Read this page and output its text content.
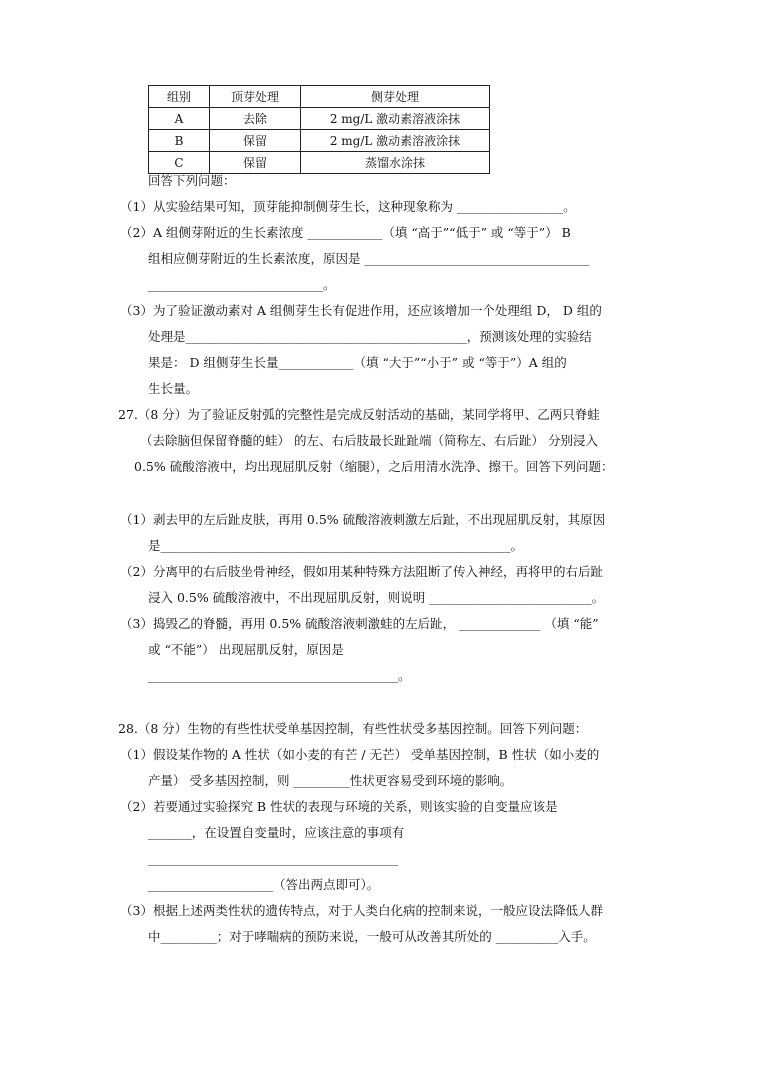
组别	顶芽处理	侧芽处理
A	去除	2 mg/L 激动素溶液涂抹
B	保留	2 mg/L 激动素溶液涂抹
C	保留	蒸馏水涂抹
回答下列问题：
（1）从实验结果可知，顶芽能抑制侧芽生长，这种现象称为 _________________。
（2）A 组侧芽附近的生长素浓度 ____________（填 “高于”“低于” 或 “等于”） B
组相应侧芽附近的生长素浓度，原因是 ____________________________________
____________________________。
（3）为了验证激动素对 A 组侧芽生长有促进作用，还应该增加一个处理组 D， D 组的
处理是_____________________________________________，预测该处理的实验结
果是： D 组侧芽生长量____________（填 “大于”“小于” 或 “等于”）A 组的
生长量。
27.（8 分）为了验证反射弧的完整性是完成反射活动的基础，某同学将甲、乙两只脊蛙
（去除脑但保留脊髓的蛙） 的左、右后肢最长趾趾端（简称左、右后趾） 分别浸入
0.5% 硫酸溶液中，均出现屈肌反射（缩腿），之后用清水洗净、擦干。回答下列问题：
（1）剥去甲的左后趾皮肤，再用 0.5% 硫酸溶液刺激左后趾，不出现屈肌反射，其原因
是________________________________________________________。
（2）分离甲的右后肢坐骨神经，假如用某种特殊方法阻断了传入神经，再将甲的右后趾
浸入 0.5% 硫酸溶液中，不出现屈肌反射，则说明 __________________________。
（3）捣毁乙的脊髓，再用 0.5% 硫酸溶液刺激蛙的左后趾， _____________ （填 “能”
或 “不能”） 出现屈肌反射，原因是
________________________________________。
28.（8 分）生物的有些性状受单基因控制，有些性状受多基因控制。回答下列问题：
（1）假设某作物的 A 性状（如小麦的有芒 / 无芒） 受单基因控制，B 性状（如小麦的
产量） 受多基因控制，则 _________性状更容易受到环境的影响。
（2）若要通过实验探究 B 性状的表现与环境的关系，则该实验的自变量应该是
_______，在设置自变量时，应该注意的事项有
________________________________________
____________________（答出两点即可）。
（3）根据上述两类性状的遗传特点，对于人类白化病的控制来说，一般应设法降低人群
中_________；对于哮喘病的预防来说，一般可从改善其所处的 __________入手。
